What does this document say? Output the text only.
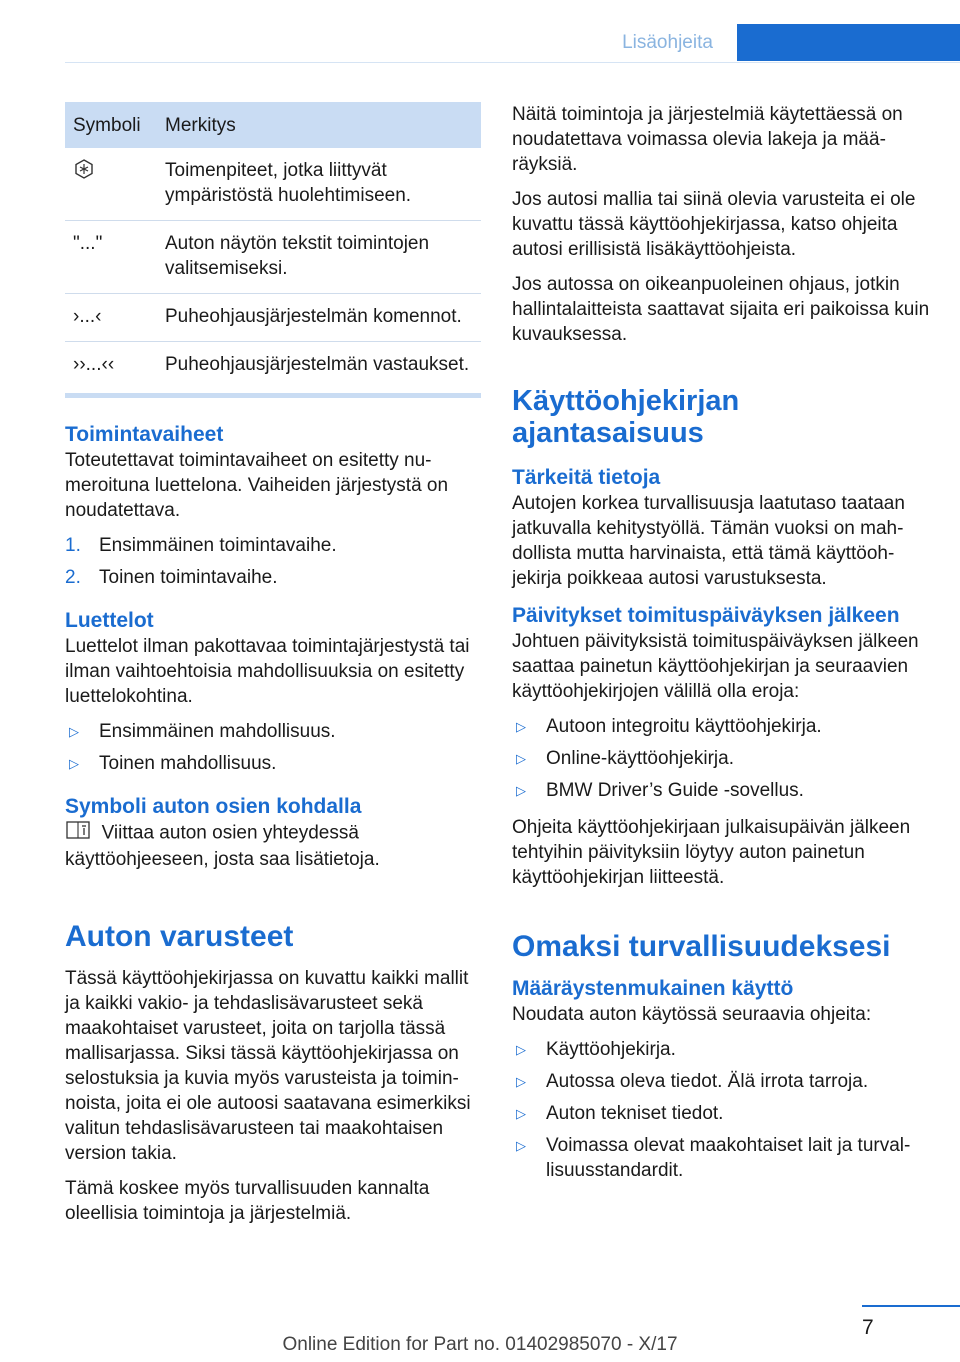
Lisäohjeita
Symboli	Merkitys
	Toimenpiteet, jotka liittyvät ympäristöstä huolehtimiseen.
"..."	Auton näytön tekstit toimintojen valitsemiseksi.
›...‹	Puheohjausjärjestelmän komennot.
››...‹‹	Puheohjausjärjestelmän vastaukset.
Toimintavaiheet

Toteutettavat toimintavaiheet on esitetty numeroituna luettelona. Vaiheiden järjestystä on noudatettava.

1. Ensimmäinen toimintavaihe.
2. Toinen toimintavaihe.
Luettelot

Luettelot ilman pakottavaa toimintajärjestystä tai ilman vaihtoehtoisia mahdollisuuksia on esitetty luettelokohtina.

▷ Ensimmäinen mahdollisuus.
▷ Toinen mahdollisuus.
Symboli auton osien kohdalla

Viittaa auton osien yhteydessä käyttöohjeeseen, josta saa lisätietoja.

Auton varusteet

Tässä käyttöohjekirjassa on kuvattu kaikki mallit ja kaikki vakio- ja tehdaslisävarusteet sekä maakohtaiset varusteet, joita on tarjolla tässä mallisarjassa. Siksi tässä käyttöohjekirjassa on selostuksia ja kuvia myös varusteista ja toiminnoista, joita ei ole autoosi saatavana esimerkiksi valitun tehdaslisävarusteen tai maakohtaisen version takia.

Tämä koskee myös turvallisuuden kannalta oleellisia toimintoja ja järjestelmiä.

Näitä toimintoja ja järjestelmiä käytettäessä on noudatettava voimassa olevia lakeja ja määräyksiä.

Jos autosi mallia tai siinä olevia varusteita ei ole kuvattu tässä käyttöohjekirjassa, katso ohjeita autosi erillisistä lisäkäyttöohjeista.

Jos autossa on oikeanpuoleinen ohjaus, jotkin hallintalaitteista saattavat sijaita eri paikoissa kuin kuvauksessa.

Käyttöohjekirjan ajantasaisuus
Tärkeitä tietoja

Autojen korkea turvallisuusja laatutaso taataan jatkuvalla kehitystyöllä. Tämän vuoksi on mahdollista mutta harvinaista, että tämä käyttöohjekirja poikkeaa autosi varustuksesta.

Päivitykset toimituspäiväyksen jälkeen

Johtuen päivityksistä toimituspäiväyksen jälkeen saattaa painetun käyttöohjekirjan ja seuraavien käyttöohjekirjojen välillä olla eroja:

▷ Autoon integroitu käyttöohjekirja.
▷ Online-käyttöohjekirja.
▷ BMW Driver’s Guide -sovellus.

Ohjeita käyttöohjekirjaan julkaisupäivän jälkeen tehtyihin päivityksiin löytyy auton painetun käyttöohjekirjan liitteestä.

Omaksi turvallisuudeksesi
Määräystenmukainen käyttö

Noudata auton käytössä seuraavia ohjeita:

▷ Käyttöohjekirja.
▷ Autossa oleva tiedot. Älä irrota tarroja.
▷ Auton tekniset tiedot.
▷ Voimassa olevat maakohtaiset lait ja turvallisuusstandardit.
7
Online Edition for Part no. 01402985070 - X/17
